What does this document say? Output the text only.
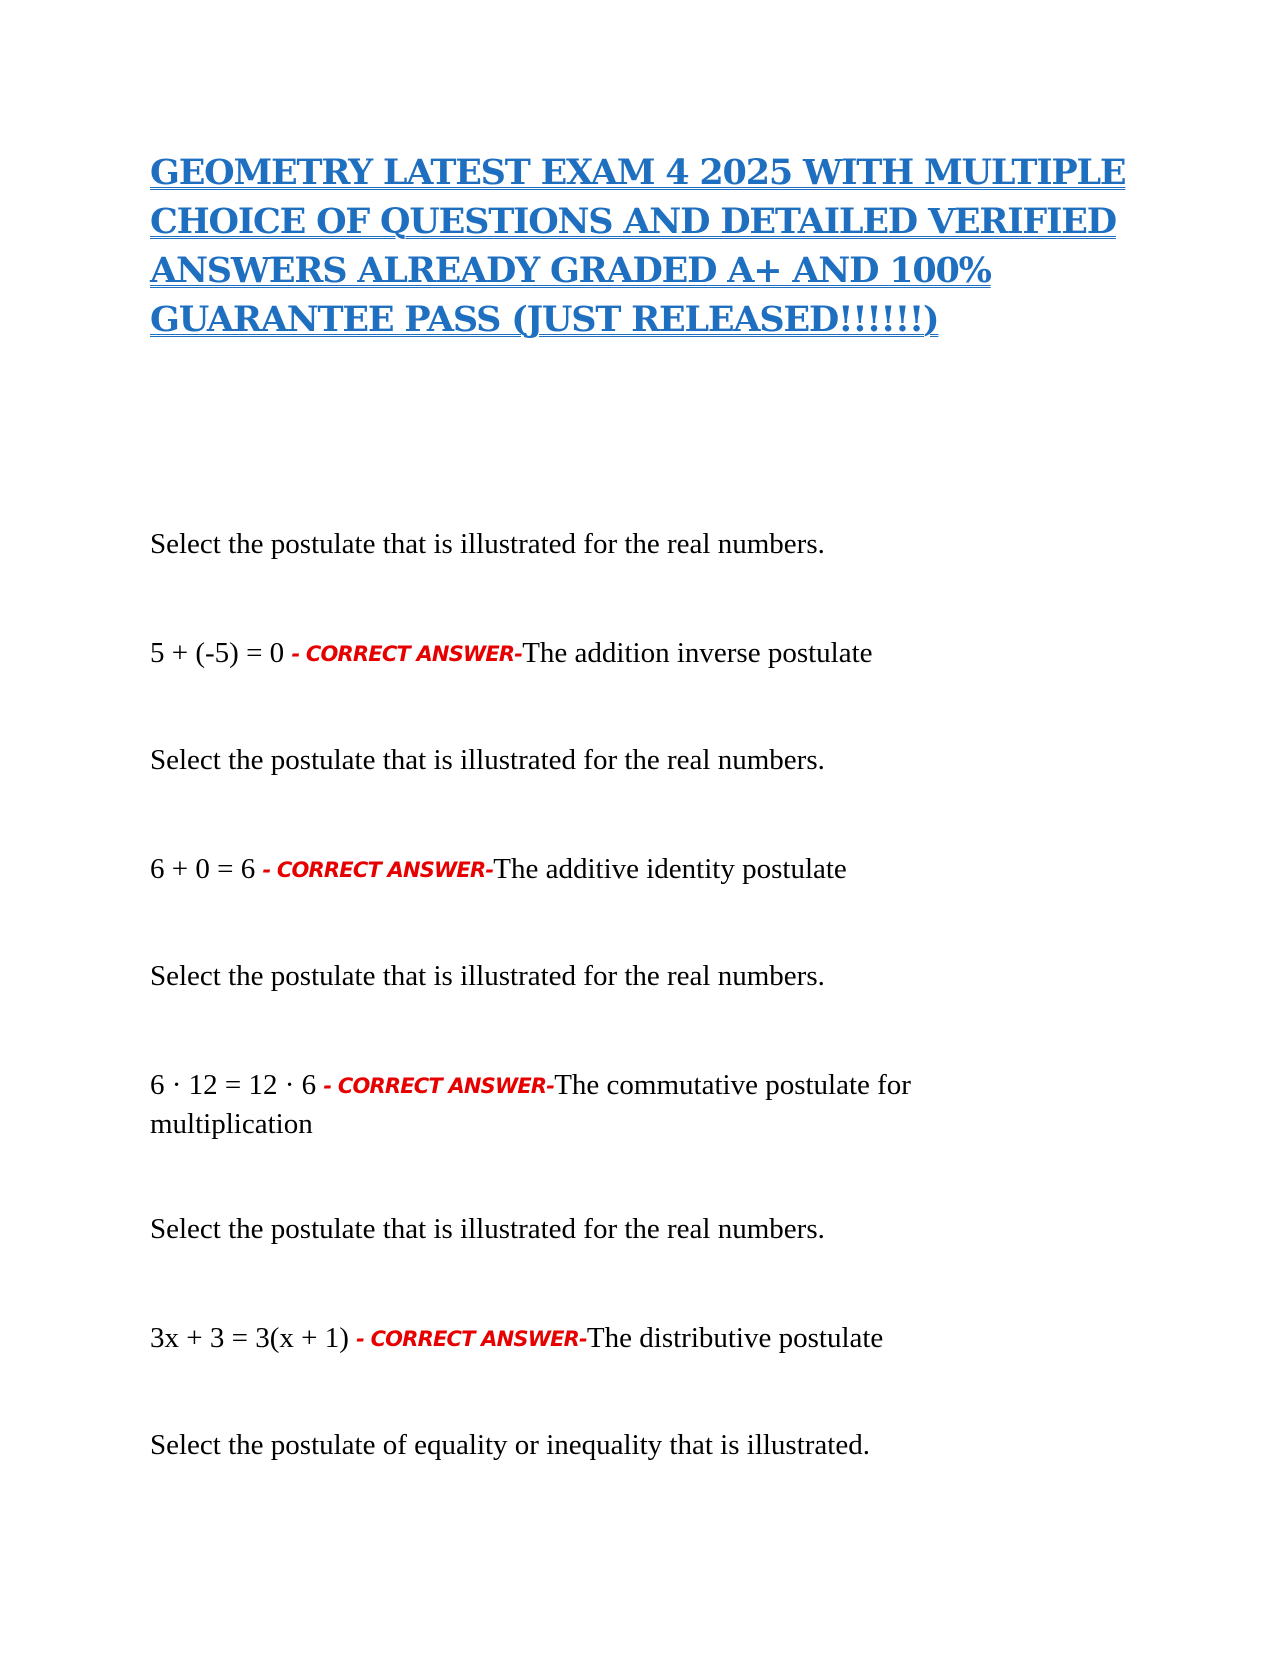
GEOMETRY LATEST EXAM 4 2025 WITH MULTIPLE CHOICE OF QUESTIONS AND DETAILED VERIFIED ANSWERS ALREADY GRADED A+ AND 100% GUARANTEE PASS (JUST RELEASED!!!!!!)

Select the postulate that is illustrated for the real numbers.

5 + (-5) = 0 - CORRECT ANSWER-The addition inverse postulate

Select the postulate that is illustrated for the real numbers.

6 + 0 = 6 - CORRECT ANSWER-The additive identity postulate

Select the postulate that is illustrated for the real numbers.

6 · 12 = 12 · 6 - CORRECT ANSWER-The commutative postulate for multiplication

Select the postulate that is illustrated for the real numbers.

3x + 3 = 3(x + 1) - CORRECT ANSWER-The distributive postulate

Select the postulate of equality or inequality that is illustrated.
